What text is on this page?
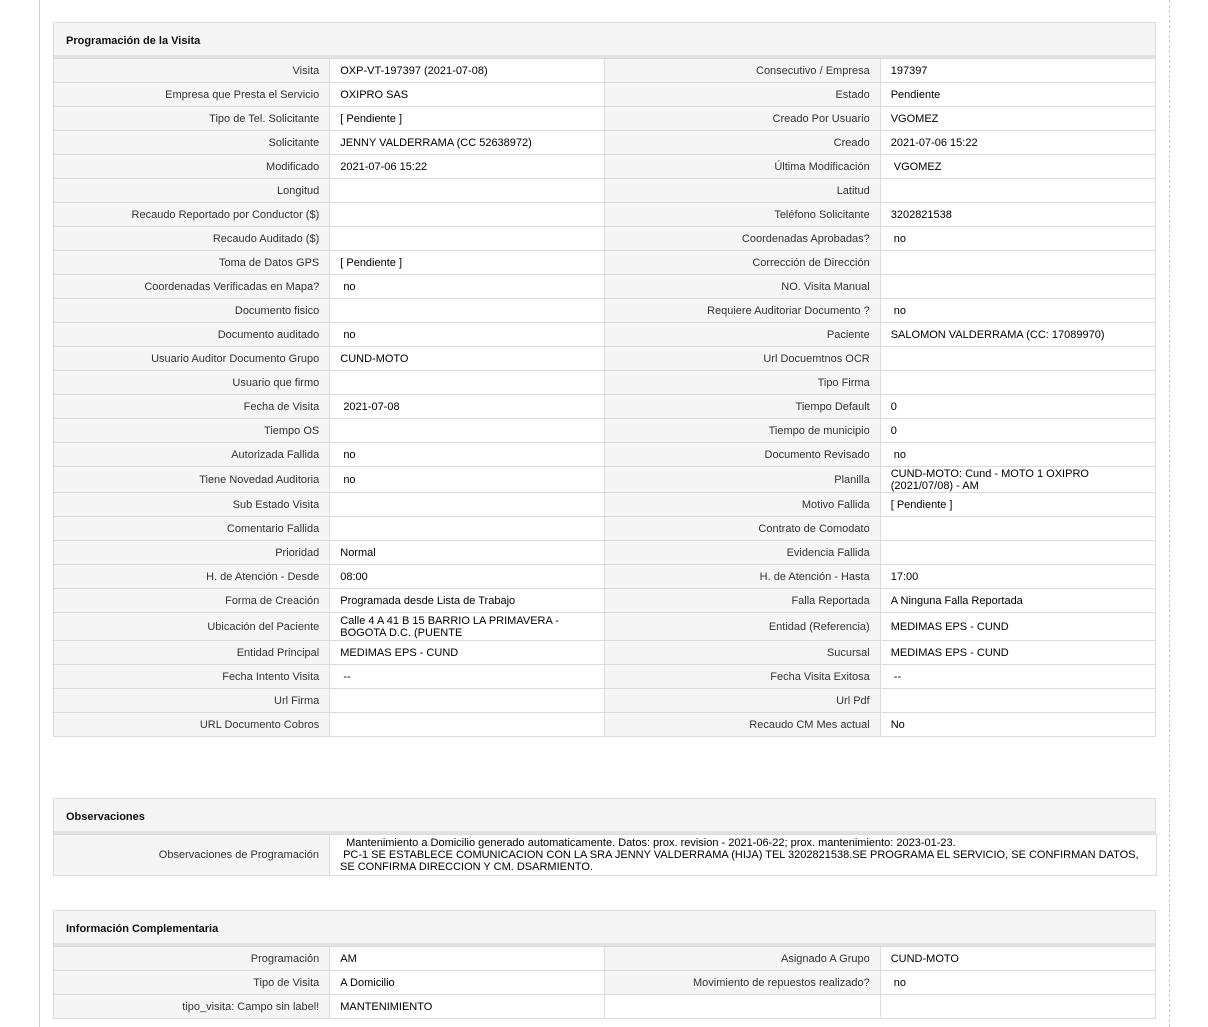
Programación de la Visita
Visita	OXP-VT-197397 (2021-07-08)	Consecutivo / Empresa	197397
Empresa que Presta el Servicio	OXIPRO SAS	Estado	Pendiente
Tipo de Tel. Solicitante	[ Pendiente ]	Creado Por Usuario	VGOMEZ
Solicitante	JENNY VALDERRAMA (CC 52638972)	Creado	2021-07-06 15:22
Modificado	2021-07-06 15:22	Última Modificación	VGOMEZ
Longitud		Latitud	
Recaudo Reportado por Conductor ($)		Teléfono Solicitante	3202821538
Recaudo Auditado ($)		Coordenadas Aprobadas?	no
Toma de Datos GPS	[ Pendiente ]	Corrección de Dirección	
Coordenadas Verificadas en Mapa?	no	NO. Visita Manual	
Documento fisico		Requiere Auditoriar Documento ?	no
Documento auditado	no	Paciente	SALOMON VALDERRAMA (CC: 17089970)
Usuario Auditor Documento Grupo	CUND-MOTO	Url Docuemtnos OCR	
Usuario que firmo		Tipo Firma	
Fecha de Visita	2021-07-08	Tiempo Default	0
Tiempo OS		Tiempo de municipio	0
Autorizada Fallida	no	Documento Revisado	no
Tiene Novedad Auditoria	no	Planilla	CUND-MOTO: Cund - MOTO 1 OXIPRO (2021/07/08) - AM
Sub Estado Visita		Motivo Fallida	[ Pendiente ]
Comentario Fallida		Contrato de Comodato	
Prioridad	Normal	Evidencia Fallida	
H. de Atención - Desde	08:00	H. de Atención - Hasta	17:00
Forma de Creación	Programada desde Lista de Trabajo	Falla Reportada	A Ninguna Falla Reportada
Ubicación del Paciente	Calle 4 A 41 B 15 BARRIO LA PRIMAVERA - BOGOTA D.C. (PUENTE	Entidad (Referencia)	MEDIMAS EPS - CUND
Entidad Principal	MEDIMAS EPS - CUND	Sucursal	MEDIMAS EPS - CUND
Fecha Intento Visita	--	Fecha Visita Exitosa	--
Url Firma		Url Pdf	
URL Documento Cobros		Recaudo CM Mes actual	No
Observaciones
Observaciones de Programación	
Mantenimiento a Domicilio generado automaticamente. Datos: prox. revision - 2021-06-22; prox. mantenimiento: 2023-01-23.
PC-1 SE ESTABLECE COMUNICACION CON LA SRA JENNY VALDERRAMA (HIJA) TEL 3202821538.SE PROGRAMA EL SERVICIO, SE CONFIRMAN DATOS, SE CONFIRMA DIRECCION Y CM. DSARMIENTO.
Información Complementaria
Programación	AM	Asignado A Grupo	CUND-MOTO
Tipo de Visita	A Domicilio	Movimiento de repuestos realizado?	no
tipo_visita: Campo sin label!	MANTENIMIENTO		
